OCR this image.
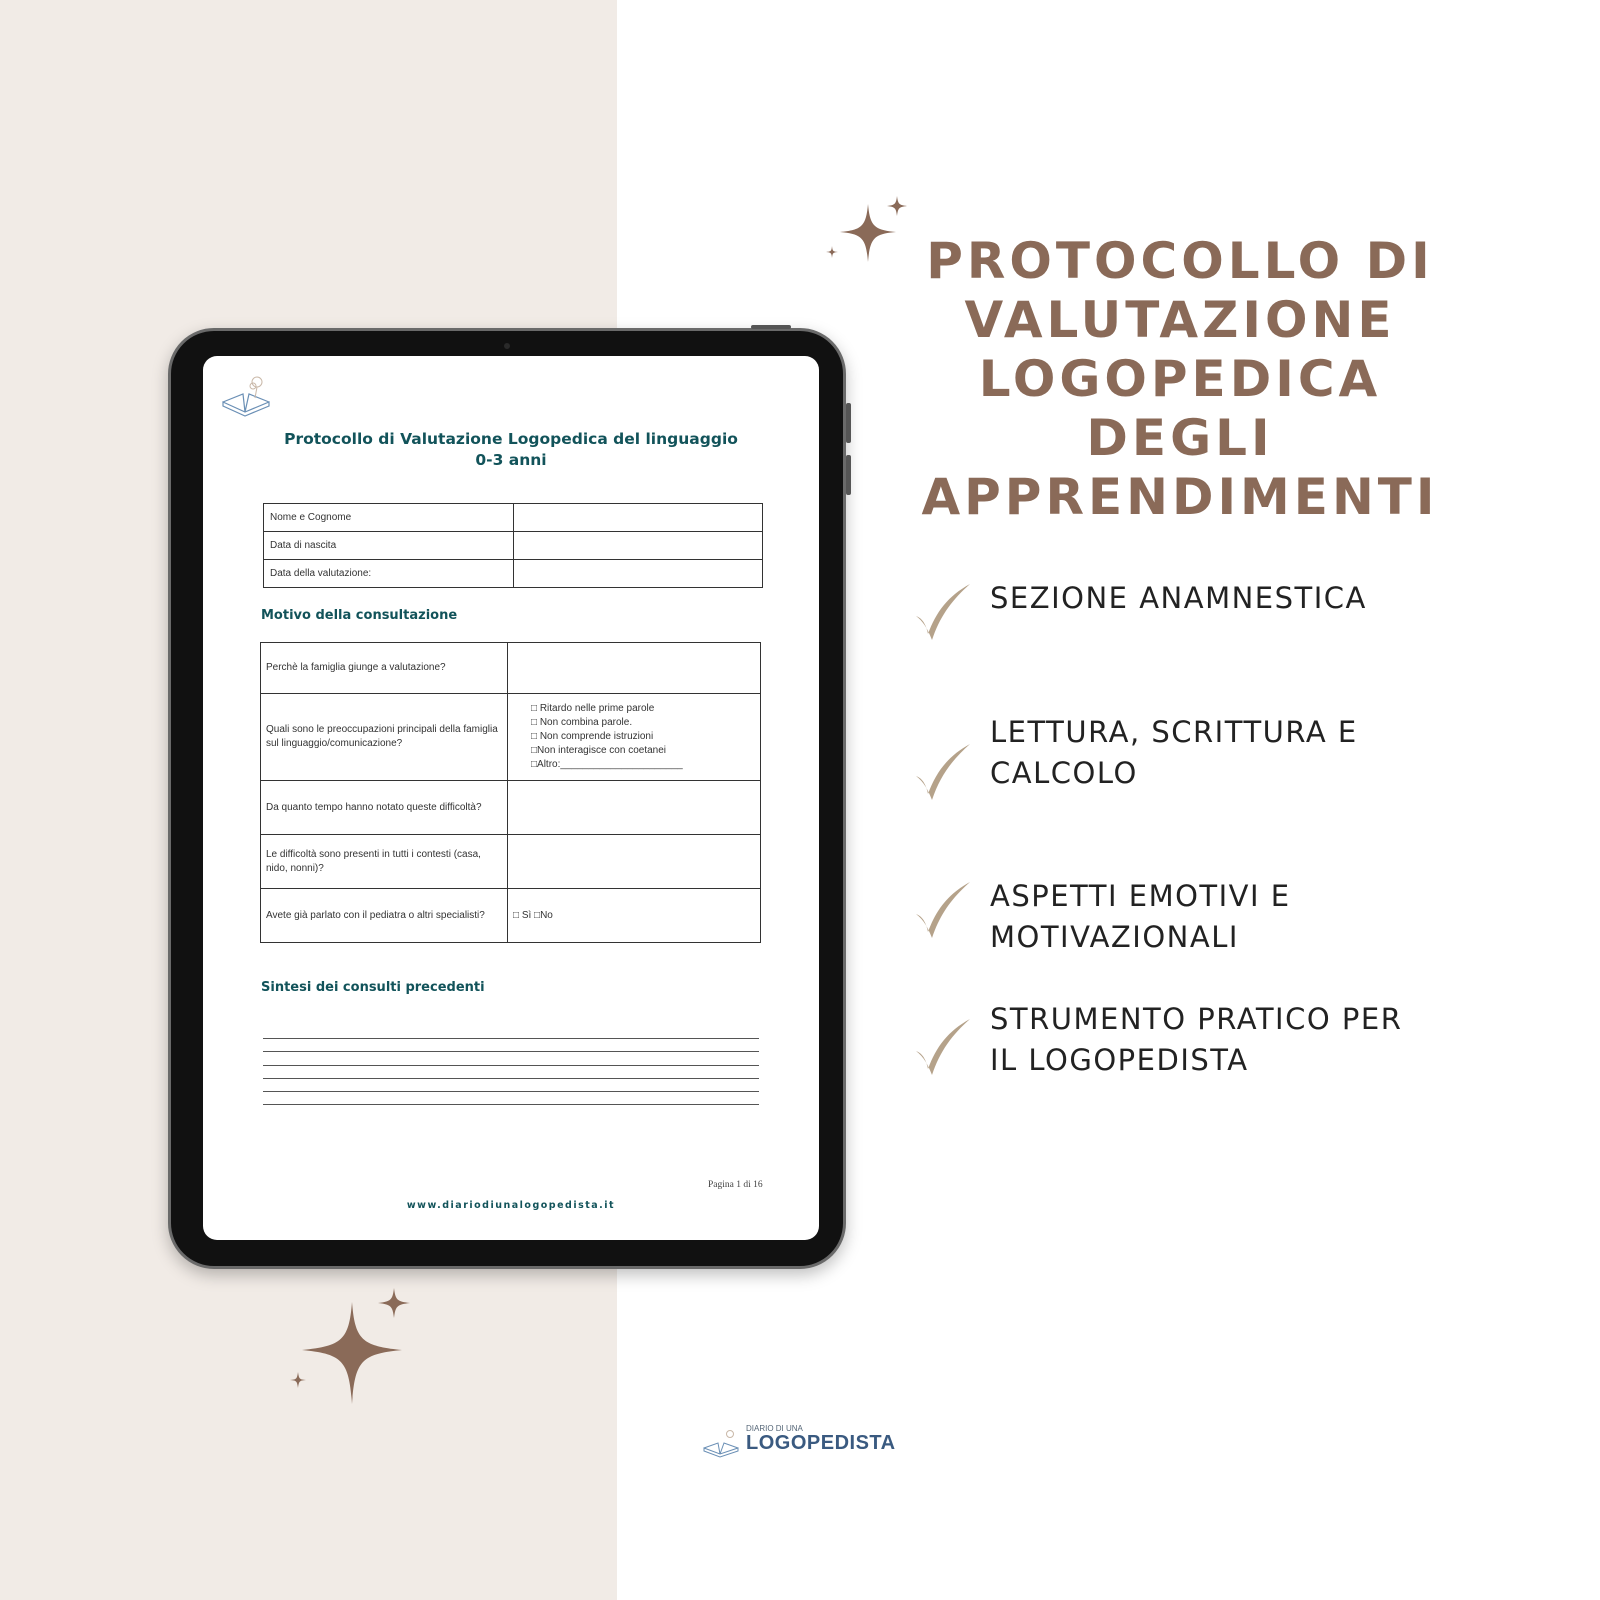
Protocollo di Valutazione Logopedica del linguaggio
0-3 anni
Nome e Cognome	
Data di nascita	
Data della valutazione:	
Motivo della consultazione
Perchè la famiglia giunge a valutazione?	
Quali sono le preoccupazioni principali della famiglia sul linguaggio/comunicazione?	□ Ritardo nelle prime parole
□ Non combina parole.
□ Non comprende istruzioni
□Non interagisce con coetanei
□Altro:______________________

Da quanto tempo hanno notato queste difficoltà?	
Le difficoltà sono presenti in tutti i contesti (casa, nido, nonni)?	
Avete già parlato con il pediatra o altri specialisti?	□ Sì □No
Sintesi dei consulti precedenti
Pagina 1 di 16
www.diariodiunalogopedista.it
PROTOCOLLO DI
VALUTAZIONE
LOGOPEDICA
DEGLI
APPRENDIMENTI
SEZIONE ANAMNESTICA
LETTURA, SCRITTURA E
CALCOLO
ASPETTI EMOTIVI E
MOTIVAZIONALI
STRUMENTO PRATICO PER
IL LOGOPEDISTA
DIARIO DI UNA
LOGOPEDISTA
